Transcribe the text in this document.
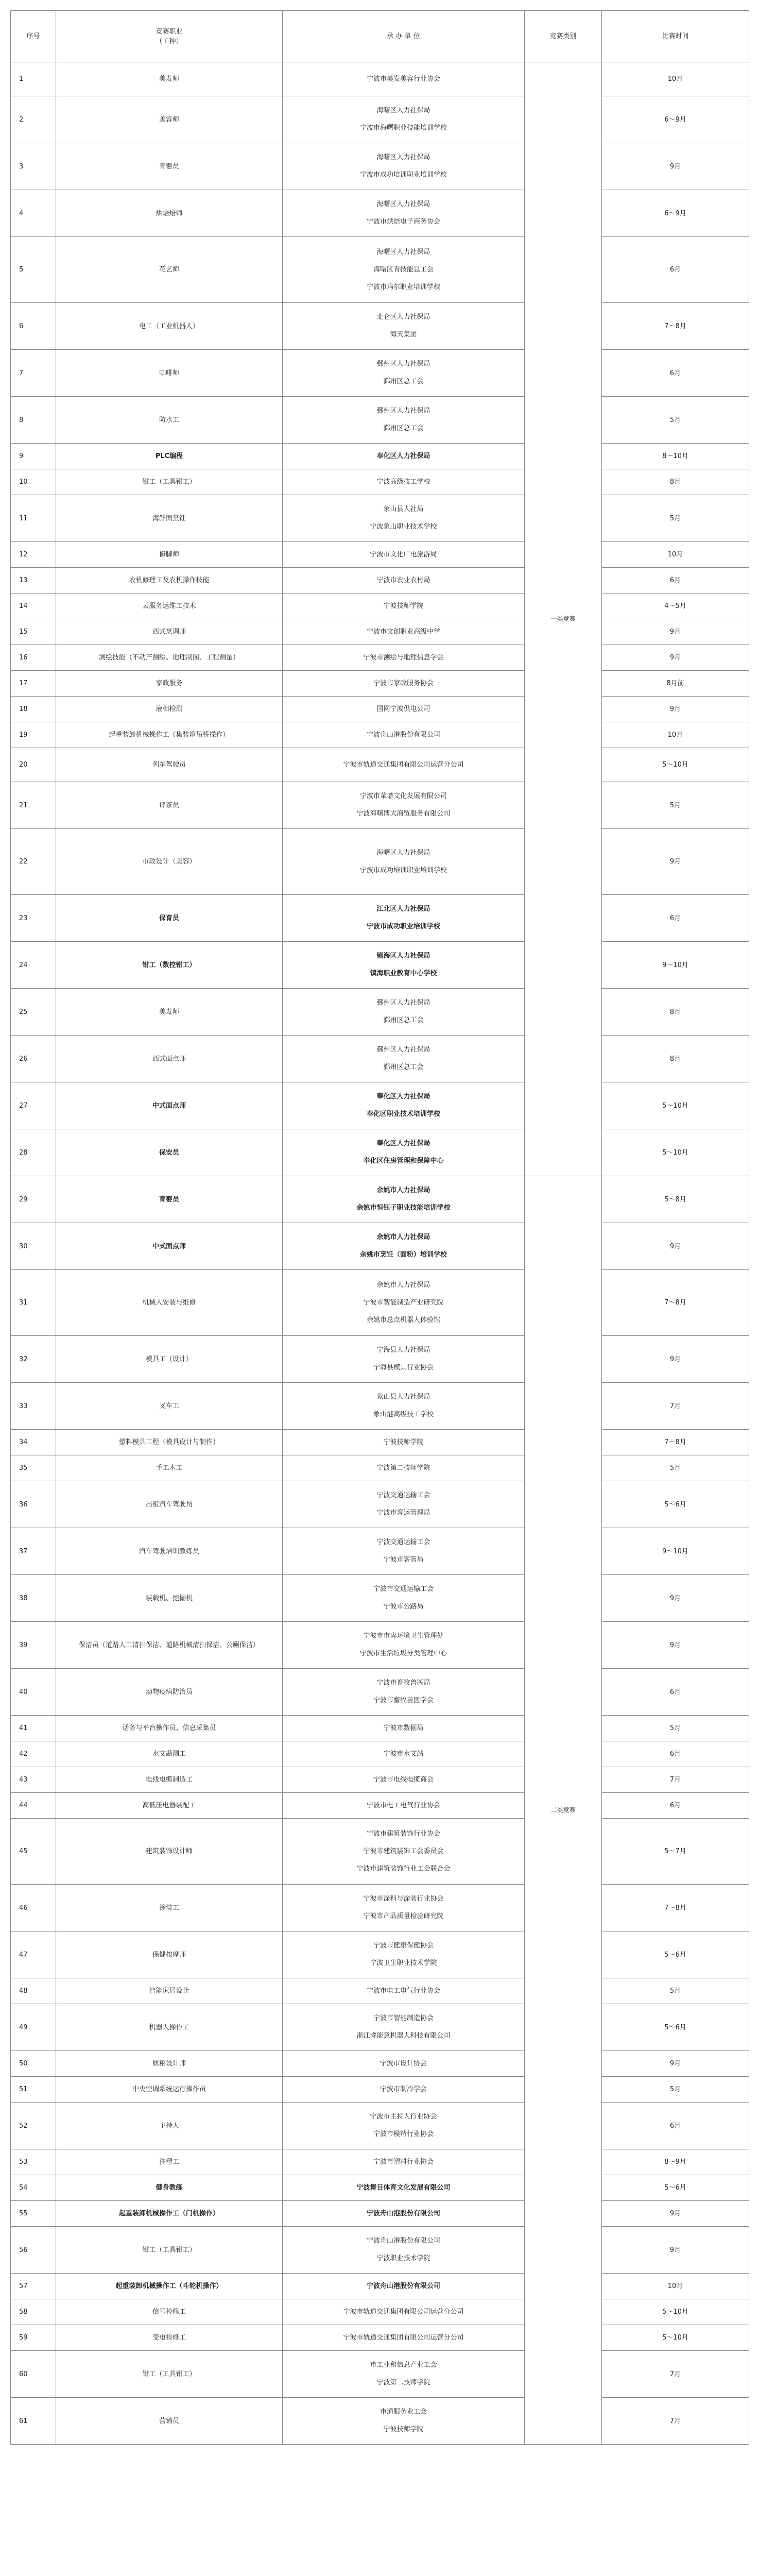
序号	竞赛职业
（工种）	承 办 单 位	竞赛类别	比赛时间
1	美发师	宁波市美发美容行业协会	一类竞赛	10月
2	美容师	海曙区人力社保局
宁波市海曙职业技能培训学校		6～9月
3	育婴员	海曙区人力社保局
宁波市成功培训职业培训学校		9月
4	烘焙焙师	海曙区人力社保局
宁波市烘焙电子商务协会		6～9月
5	花艺师	海曙区人力社保局
海曙区青技能总工会
宁波市玛尔职业培训学校		6月
6	电工（工业机器人）	北仑区人力社保局
海天集团		7～8月
7	咖啡师	鄞州区人力社保局
鄞州区总工会		6月
8	防水工	鄞州区人力社保局
鄞州区总工会		5月
9	PLC编程	奉化区人力社保局		8～10月
10	钳工（工具钳工）	宁波高级技工学校		8月
11	海鲜面烹饪	象山县人社局
宁波象山职业技术学校		5月
12	修脚师	宁波市文化广电旅游局		10月
13	农机修理工及农机操作技能	宁波市农业农村局		6月
14	云服务运维工技术	宁波技师学院		4～5月
15	西式烹调师	宁波市文创职业高级中学		9月
16	测绘技能（不动产测绘、地理制图、工程测量）	宁波市测绘与地理信息学会		9月
17	家政服务	宁波市家政服务协会		8月前
18	液相检测	国网宁波供电公司		9月
19	起重装卸机械操作工（集装箱吊桥操作）	宁波舟山港股份有限公司		10月
20	列车驾驶员	宁波市轨道交通集团有限公司运营分公司		5～10月
21	评茶员	宁波市菜谱文化发展有限公司
宁波海曙博大商贸服务有限公司		5月
22	市政设计（美容）	海曙区人力社保局
宁波市成功培训职业培训学校		9月
23	保育员	江北区人力社保局
宁波市成功职业培训学校		6月
24	钳工（数控钳工）	镇海区人力社保局
镇海职业教育中心学校		9～10月
25	美发师	鄞州区人力社保局
鄞州区总工会		8月
26	西式面点师	鄞州区人力社保局
鄞州区总工会		8月
27	中式面点师	奉化区人力社保局
奉化区职业技术培训学校		5～10月
28	保安员	奉化区人力社保局
奉化区住房管理和保障中心		5～10月
29	育婴员	余姚市人力社保局
余姚市恒钰子职业技能培训学校	二类竞赛	5～8月
30	中式面点师	余姚市人力社保局
余姚市烹饪（面粉）培训学校		9月
31	机械人安装与维修	余姚市人力社保局
宁波市智能制造产业研究院
余姚市总点机器人体验馆		7～8月
32	模具工（设计）	宁海县人力社保局
宁海县模具行业协会		9月
33	叉车工	象山县人力社保局
象山港高级技工学校		7月
34	塑料模具工程（模具设计与制作）	宁波技师学院		7～8月
35	手工木工	宁波第二技师学院		5月
36	出租汽车驾驶员	宁波交通运输工会
宁波市客运管理局		5～6月
37	汽车驾驶培训教练员	宁波交通运输工会
宁波市客管局		9～10月
38	装载机、挖掘机	宁波市交通运输工会
宁波市公路局		9月
39	保洁员（道路人工清扫保洁、道路机械清扫保洁、公厕保洁）	宁波市市容环境卫生管理处
宁波市生活垃圾分类管理中心		9月
40	动物疫病防治员	宁波市畜牧兽医局
宁波市畜牧兽医学会		6月
41	话务与平台操作员、信息采集员	宁波市数据局		5月
42	水文勘测工	宁波市水文站		6月
43	电线电缆制造工	宁波市电线电缆商会		7月
44	高低压电器装配工	宁波市电工电气行业协会		6月
45	建筑装饰设计师	宁波市建筑装饰行业协会
宁波市建筑装饰工会委员会
宁波市建筑装饰行业工会联合会		5～7月
46	涂装工	宁波市涂料与涂装行业协会
宁波市产品质量检验研究院		7～8月
47	保健按摩师	宁波市健康保健协会
宁波卫生职业技术学院		5～6月
48	智能家居设计	宁波市电工电气行业协会		5月
49	机器人操作工	宁波市智能制造协会
浙江睿能意机器人科技有限公司		5～6月
50	质粮设计师	宁波市设计协会		9月
51	中央空调系统运行操作员	宁波市制冷学会		5月
52	主持人	宁波市主持人行业协会
宁波市模特行业协会		6月
53	注塑工	宁波市塑料行业协会		8～9月
54	健身教练	宁波舞目体育文化发展有限公司		5～6月
55	起重装卸机械操作工（门机操作）	宁波舟山港股份有限公司		9月
56	钳工（工具钳工）	宁波舟山港股份有限公司
宁波职业技术学院		9月
57	起重装卸机械操作工（斗轮机操作）	宁波舟山港股份有限公司		10月
58	信号检修工	宁波市轨道交通集团有限公司运营分公司		5～10月
59	变电检修工	宁波市轨道交通集团有限公司运营分公司		5～10月
60	钳工（工具钳工）	市工业和信息产业工会
宁波第二技师学院		7月
61	营销员	市通服务业工会
宁波技师学院		7月
